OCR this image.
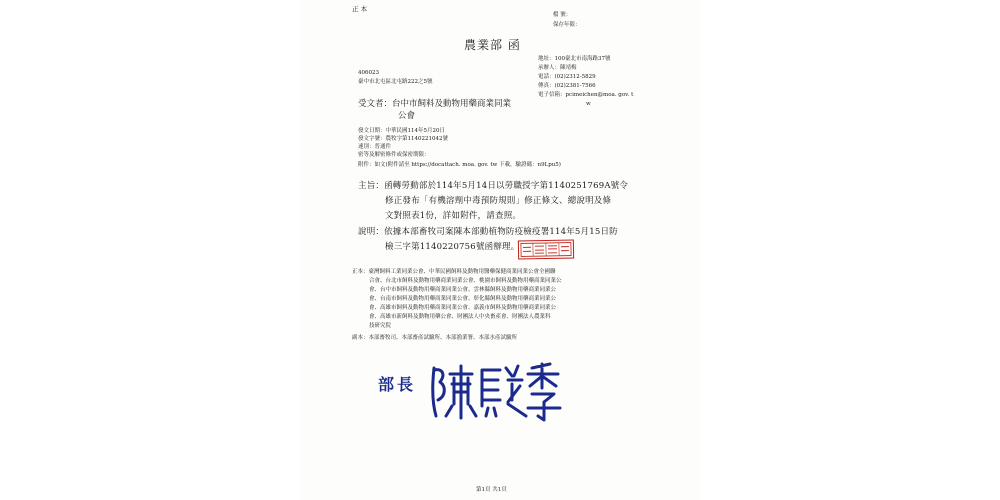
正 本
檔 號：
保存年限：
農業部 函
地址：100臺北市南海路37號
承辦人：陳靖梅
電話：(02)2312-5829
傳真：(02)2381-7566
電子信箱：pcimeichen@moa. gov. t
w
406023
臺中市北屯區北屯路222之5號
受文者：台中市飼料及動物用藥商業同業
公會
發文日期：中華民國114年5月20日
發文字號：農牧字第1140221042號
速別：普通件
密等及解密條件或保密期限：
附件：如文(附件請至 https://docattach. moa. gov. tw 下載，驗證碼：n9Lpu5)
主旨：函轉勞動部於114年5月14日以勞職授字第1140251769A號令
修正發布「有機溶劑中毒預防規則」修正條文、總說明及條
文對照表1份，詳如附件，請查照。
說明：依據本部畜牧司案陳本部動植物防疫檢疫署114年5月15日防
檢三字第1140220756號函辦理。
正本：臺灣飼料工業同業公會、中華民國飼料及動物用醫藥保健商業同業公會全國聯
合會、台北市飼料及動物用藥商業同業公會、桃園市飼料及動物用藥商業同業公
會、台中市飼料及動物用藥商業同業公會、雲林縣飼料及動物用藥商業同業公
會、台南市飼料及動物用藥商業同業公會、彰化縣飼料及動物用藥商業同業公
會、高雄市飼料及動物用藥商業同業公會、嘉義市飼料及動物用藥商業同業公
會、高雄市新飼料及動物用藥公會、財團法人中央畜產會、財團法人農業科
技研究院
副本：本部畜牧司、本部畜產試驗所、本部漁業署、本部水產試驗所
部長
第1頁 共1頁
